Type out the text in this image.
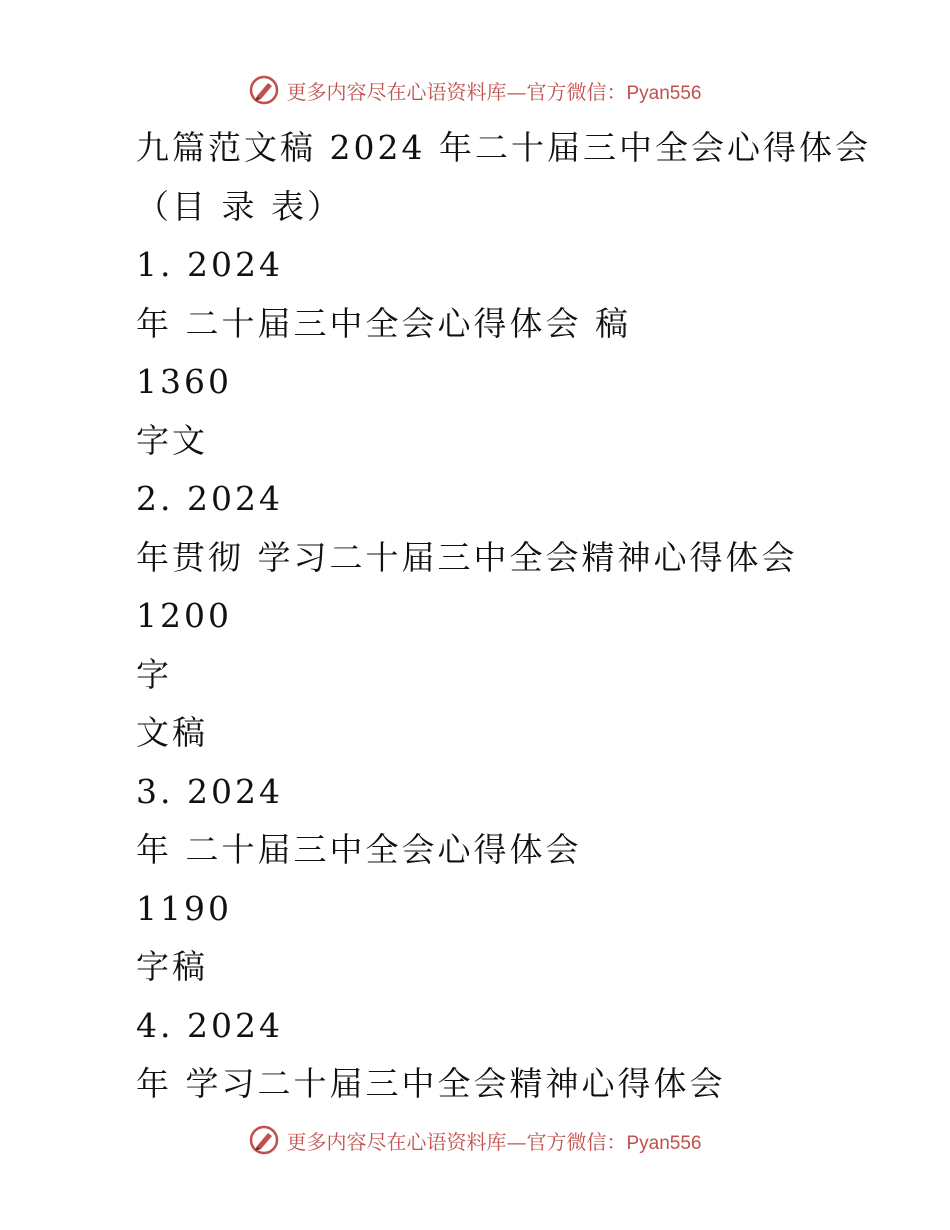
更多内容尽在心语资料库—官方微信：Pyan556
九篇范文稿 2024 年二十届三中全会心得体会
（目 录 表）
1. 2024
年 二十届三中全会心得体会 稿
1360
字文
2. 2024
年贯彻 学习二十届三中全会精神心得体会
1200
字
文稿
3. 2024
年 二十届三中全会心得体会
1190
字稿
4. 2024
年 学习二十届三中全会精神心得体会
更多内容尽在心语资料库—官方微信：Pyan556
